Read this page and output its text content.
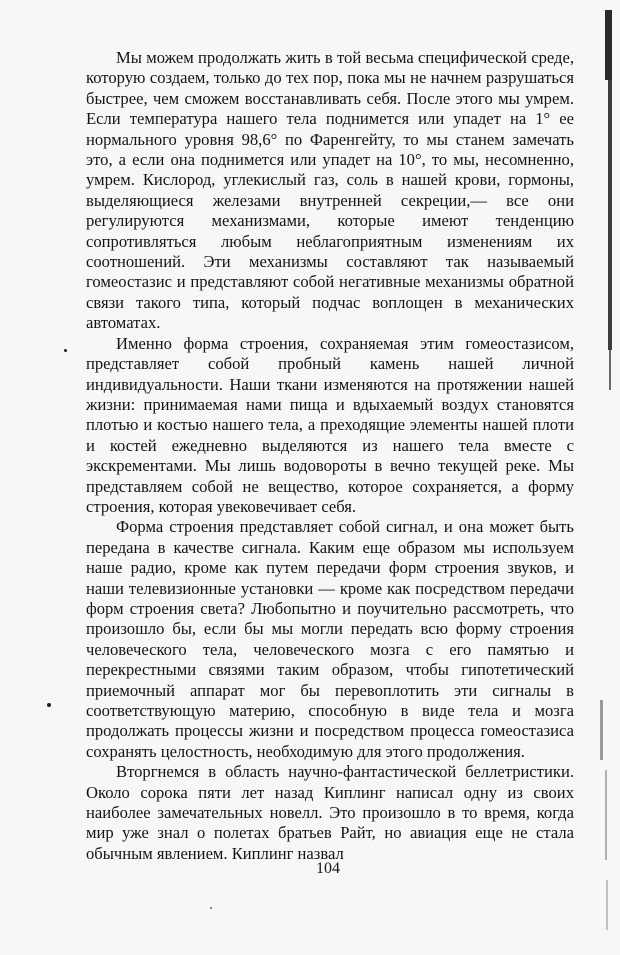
Мы можем продолжать жить в той весьма специфической среде, которую создаем, только до тех пор, пока мы не начнем разрушаться быстрее, чем сможем восстанавливать себя. После этого мы умрем. Если температура нашего тела поднимется или упадет на 1° ее нормального уровня 98,6° по Фаренгейту, то мы станем замечать это, а если она поднимется или упадет на 10°, то мы, несомненно, умрем. Кислород, углекислый газ, соль в нашей крови, гормоны, выделяющиеся железами внутренней секреции,— все они регулируются механизмами, которые имеют тенденцию сопротивляться любым неблагоприятным изменениям их соотношений. Эти механизмы составляют так называемый гомеостазис и представляют собой негативные механизмы обратной связи такого типа, который подчас воплощен в механических автоматах.

Именно форма строения, сохраняемая этим гомеостазисом, представляет собой пробный камень нашей личной индивидуальности. Наши ткани изменяются на протяжении нашей жизни: принимаемая нами пища и вдыхаемый воздух становятся плотью и костью нашего тела, а преходящие элементы нашей плоти и костей ежедневно выделяются из нашего тела вместе с экскрементами. Мы лишь водовороты в вечно текущей реке. Мы представляем собой не вещество, которое сохраняется, а форму строения, которая увековечивает себя.

Форма строения представляет собой сигнал, и она может быть передана в качестве сигнала. Каким еще образом мы используем наше радио, кроме как путем передачи форм строения звуков, и наши телевизионные установки — кроме как посредством передачи форм строения света? Любопытно и поучительно рассмотреть, что произошло бы, если бы мы могли передать всю форму строения человеческого тела, человеческого мозга с его памятью и перекрестными связями таким образом, чтобы гипотетический приемочный аппарат мог бы перевоплотить эти сигналы в соответствующую материю, способную в виде тела и мозга продолжать процессы жизни и посредством процесса гомеостазиса сохранять целостность, необходимую для этого продолжения.

Вторгнемся в область научно-фантастической беллетристики. Около сорока пяти лет назад Киплинг написал одну из своих наиболее замечательных новелл. Это произошло в то время, когда мир уже знал о полетах братьев Райт, но авиация еще не стала обычным явлением. Киплинг назвал

104
